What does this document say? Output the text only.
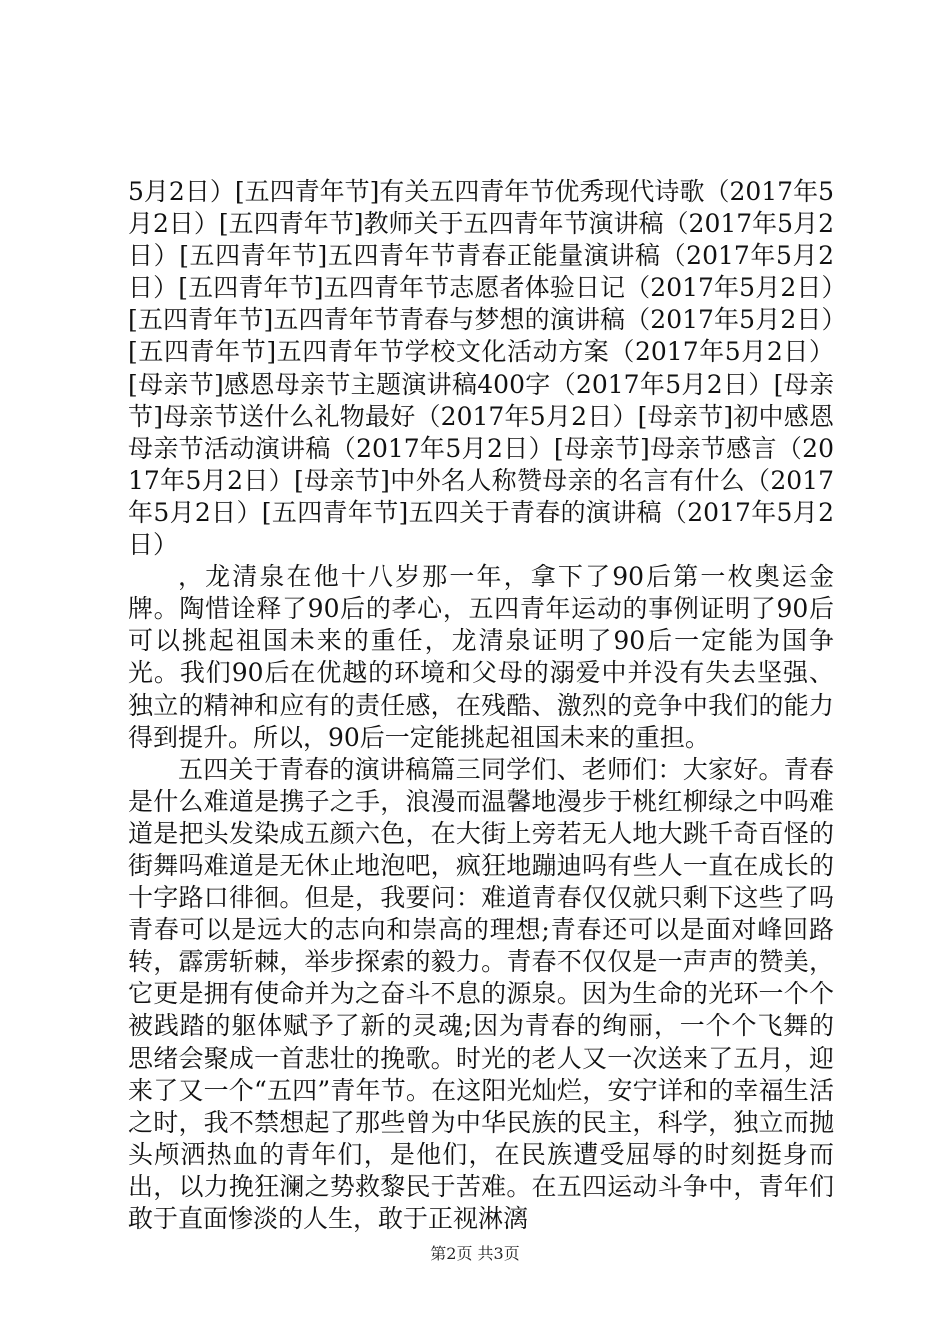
5月2日）[五四青年节]有关五四青年节优秀现代诗歌（2017年5月2日）[五四青年节]教师关于五四青年节演讲稿（2017年5月2日）[五四青年节]五四青年节青春正能量演讲稿（2017年5月2日）[五四青年节]五四青年节志愿者体验日记（2017年5月2日）[五四青年节]五四青年节青春与梦想的演讲稿（2017年5月2日）[五四青年节]五四青年节学校文化活动方案（2017年5月2日）[母亲节]感恩母亲节主题演讲稿400字（2017年5月2日）[母亲节]母亲节送什么礼物最好（2017年5月2日）[母亲节]初中感恩母亲节活动演讲稿（2017年5月2日）[母亲节]母亲节感言（2017年5月2日）[母亲节]中外名人称赞母亲的名言有什么（2017年5月2日）[五四青年节]五四关于青春的演讲稿（2017年5月2日）

，龙清泉在他十八岁那一年，拿下了90后第一枚奥运金牌。陶惜诠释了90后的孝心，五四青年运动的事例证明了90后可以挑起祖国未来的重任，龙清泉证明了90后一定能为国争光。我们90后在优越的环境和父母的溺爱中并没有失去坚强、独立的精神和应有的责任感，在残酷、激烈的竞争中我们的能力得到提升。所以，90后一定能挑起祖国未来的重担。

五四关于青春的演讲稿篇三同学们、老师们：大家好。青春是什么难道是携子之手，浪漫而温馨地漫步于桃红柳绿之中吗难道是把头发染成五颜六色，在大街上旁若无人地大跳千奇百怪的街舞吗难道是无休止地泡吧，疯狂地蹦迪吗有些人一直在成长的十字路口徘徊。但是，我要问：难道青春仅仅就只剩下这些了吗青春可以是远大的志向和崇高的理想;青春还可以是面对峰回路转，霹雳斩棘，举步探索的毅力。青春不仅仅是一声声的赞美，它更是拥有使命并为之奋斗不息的源泉。因为生命的光环一个个被践踏的躯体赋予了新的灵魂;因为青春的绚丽，一个个飞舞的思绪会聚成一首悲壮的挽歌。时光的老人又一次送来了五月，迎来了又一个“五四”青年节。在这阳光灿烂，安宁详和的幸福生活之时，我不禁想起了那些曾为中华民族的民主，科学，独立而抛头颅洒热血的青年们，是他们，在民族遭受屈辱的时刻挺身而出，以力挽狂澜之势救黎民于苦难。在五四运动斗争中，青年们敢于直面惨淡的人生，敢于正视淋漓

第2页 共3页
